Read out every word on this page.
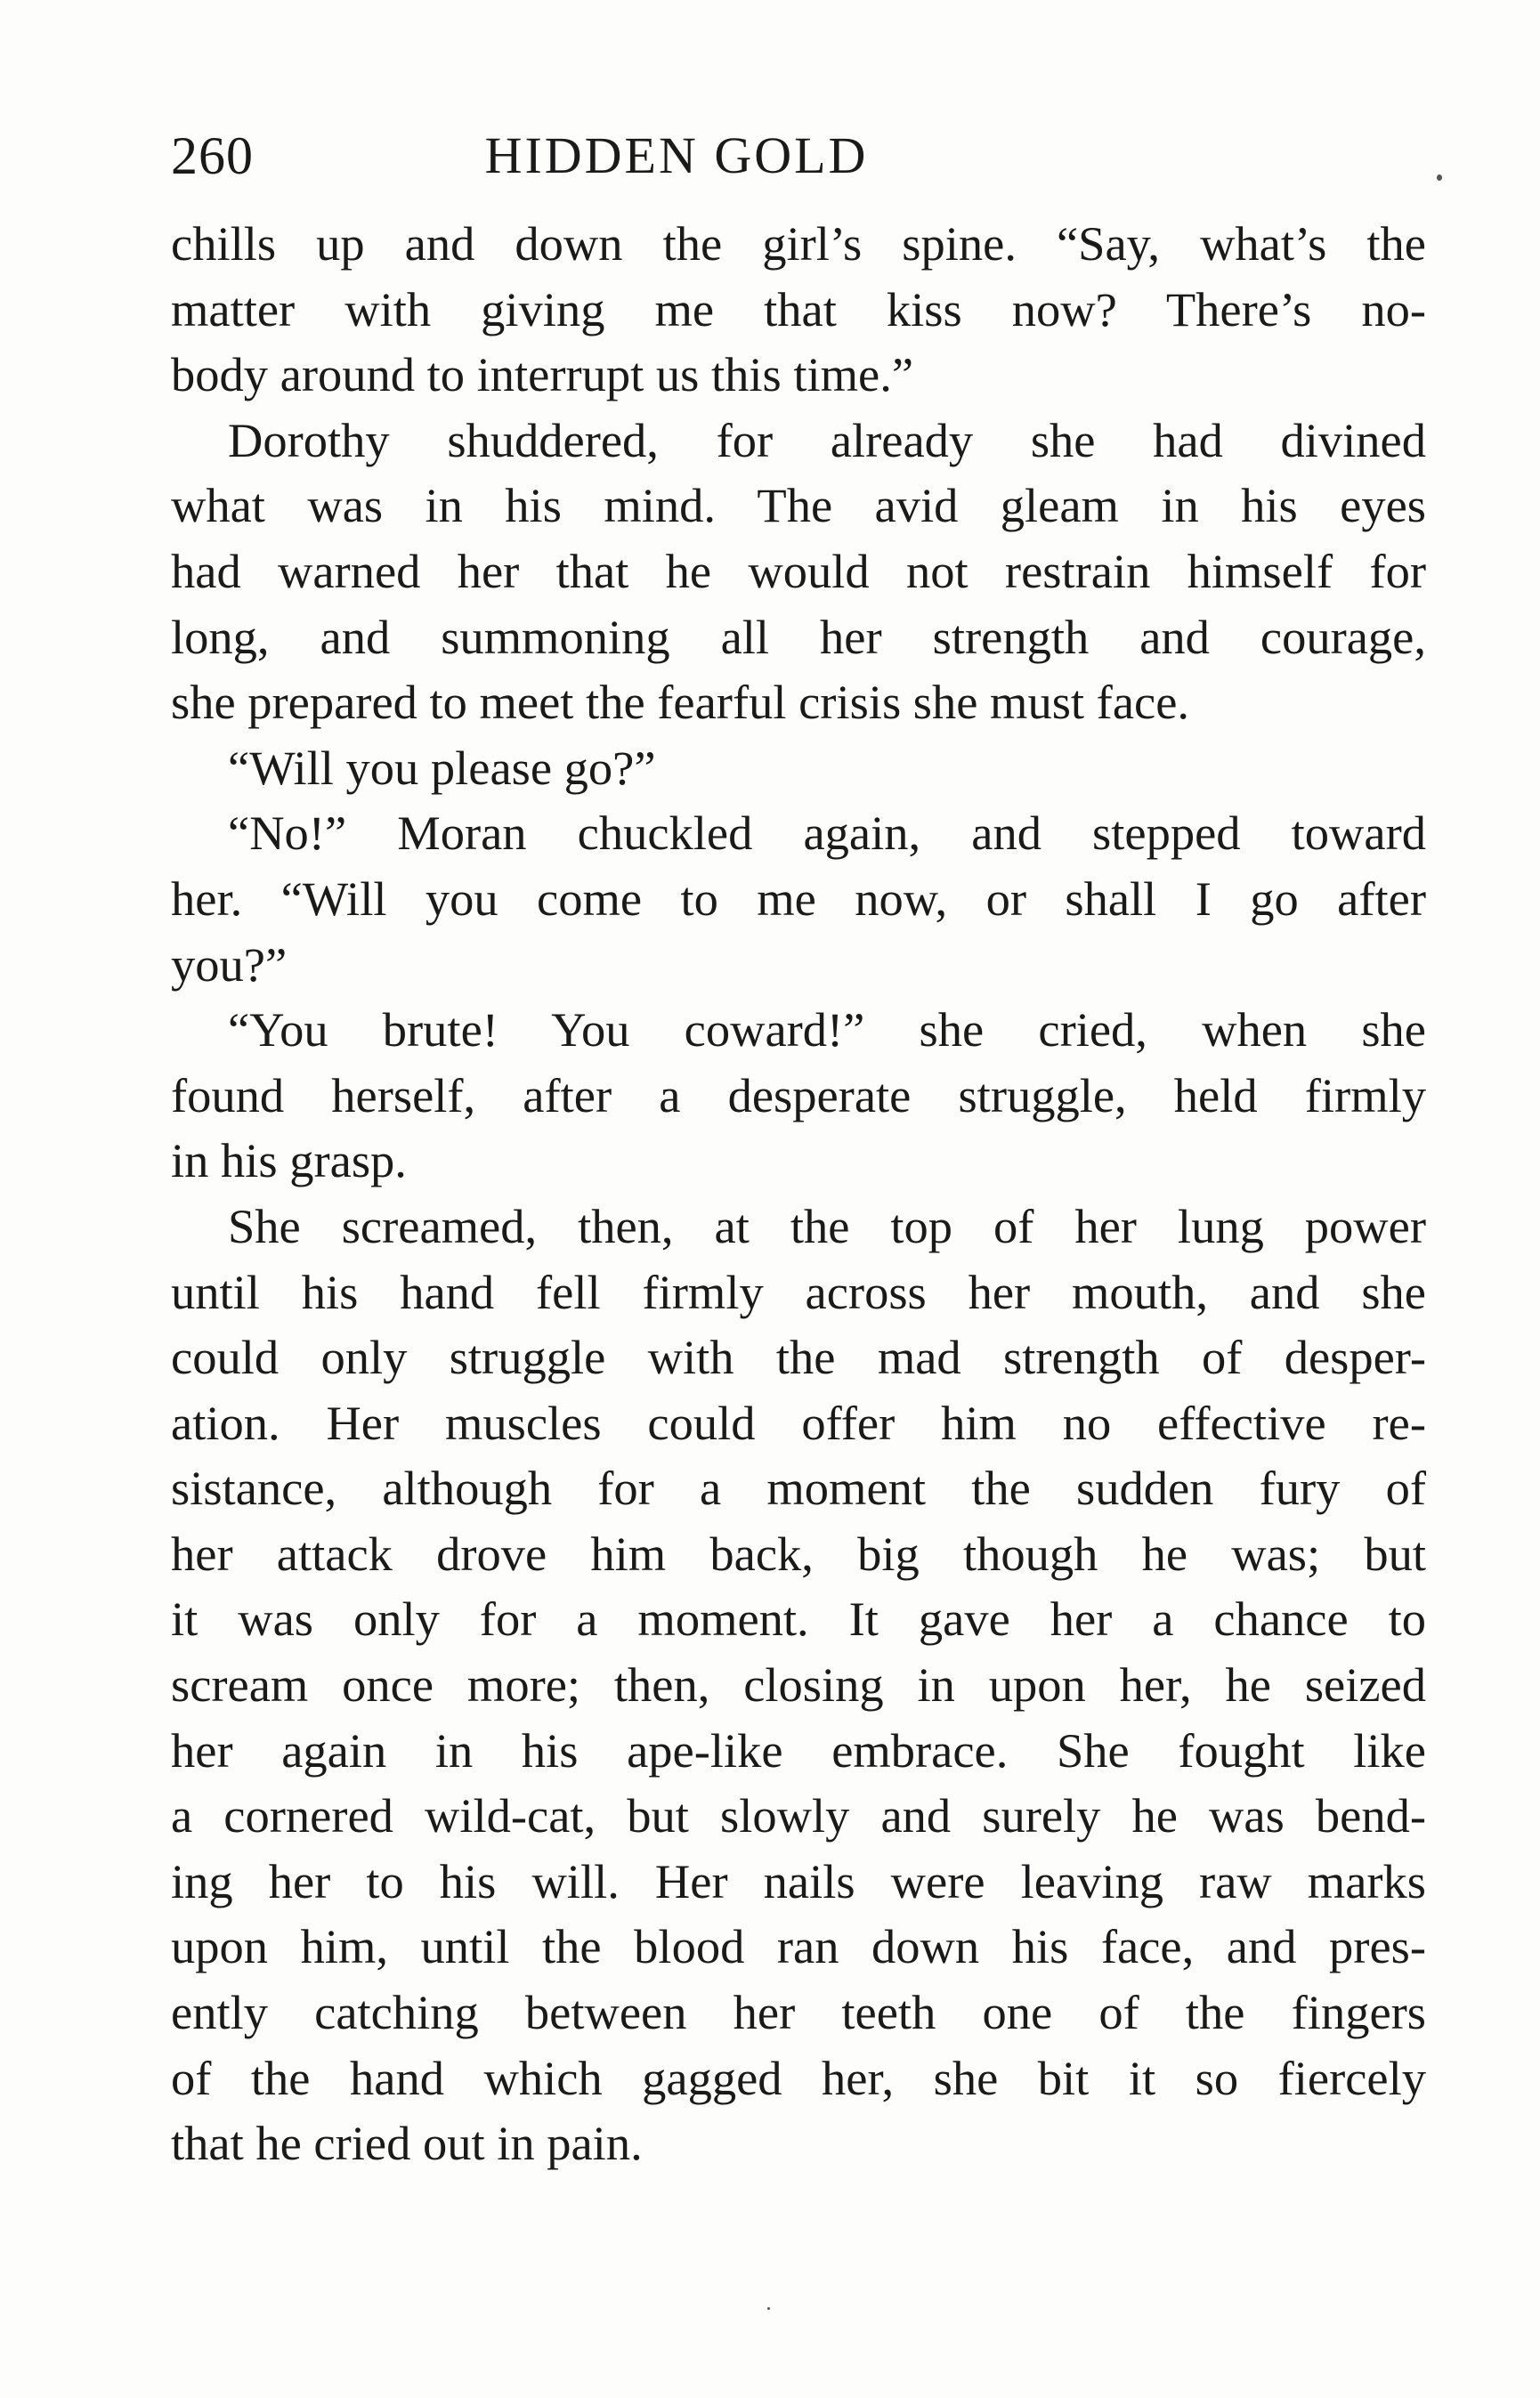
260	HIDDEN GOLD
chills up and down the girl’s spine. “Say, what’s the
matter with giving me that kiss now? There’s no-
body around to interrupt us this time.”
Dorothy shuddered, for already she had divined
what was in his mind. The avid gleam in his eyes
had warned her that he would not restrain himself for
long, and summoning all her strength and courage,
she prepared to meet the fearful crisis she must face.
“Will you please go?”
“No!” Moran chuckled again, and stepped toward
her. “Will you come to me now, or shall I go after
you?”
“You brute! You coward!” she cried, when she
found herself, after a desperate struggle, held firmly
in his grasp.
She screamed, then, at the top of her lung power
until his hand fell firmly across her mouth, and she
could only struggle with the mad strength of desper-
ation. Her muscles could offer him no effective re-
sistance, although for a moment the sudden fury of
her attack drove him back, big though he was; but
it was only for a moment. It gave her a chance to
scream once more; then, closing in upon her, he seized
her again in his ape-like embrace. She fought like
a cornered wild-cat, but slowly and surely he was bend-
ing her to his will. Her nails were leaving raw marks
upon him, until the blood ran down his face, and pres-
ently catching between her teeth one of the fingers
of the hand which gagged her, she bit it so fiercely
that he cried out in pain.
